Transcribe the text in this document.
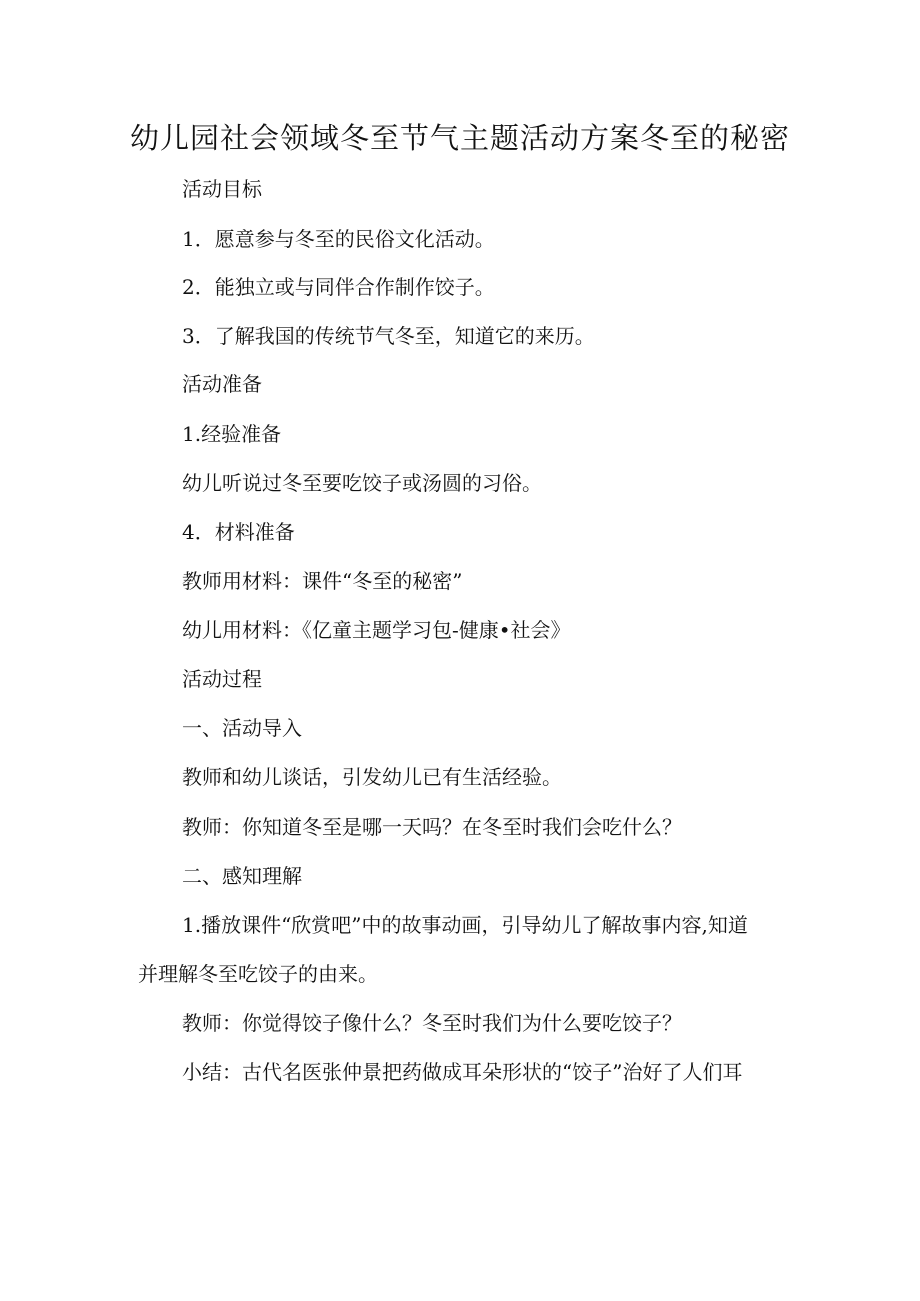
幼儿园社会领域冬至节气主题活动方案冬至的秘密
活动目标
1．愿意参与冬至的民俗文化活动。
2．能独立或与同伴合作制作饺子。
3．了解我国的传统节气冬至，知道它的来历。
活动准备
1.经验准备
幼儿听说过冬至要吃饺子或汤圆的习俗。
4．材料准备
教师用材料：课件“冬至的秘密”
幼儿用材料：《亿童主题学习包-健康•社会》
活动过程
一、活动导入
教师和幼儿谈话，引发幼儿已有生活经验。
教师：你知道冬至是哪一天吗？在冬至时我们会吃什么？
二、感知理解
1.播放课件“欣赏吧”中的故事动画，引导幼儿了解故事内容,知道
并理解冬至吃饺子的由来。
教师：你觉得饺子像什么？冬至时我们为什么要吃饺子？
小结：古代名医张仲景把药做成耳朵形状的“饺子”治好了人们耳
